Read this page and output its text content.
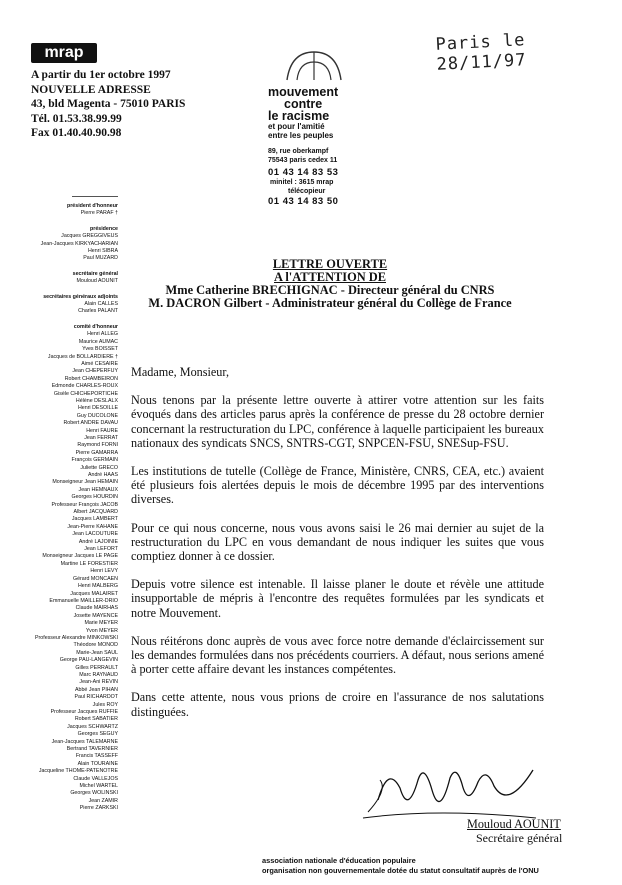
mrap
A partir du 1er octobre 1997
NOUVELLE ADRESSE
43, bld Magenta - 75010 PARIS
Tél. 01.53.38.99.99
Fax 01.40.40.90.98
Paris le 28/11/97
mouvement
contre
le racisme
et pour l'amitié
entre les peuples
89, rue oberkampf
75543 paris cedex 11
01 43 14 83 53
minitel : 3615 mrap
télécopieur
01 43 14 83 50
président d'honneur
Pierre PARAF †
présidence
Jacques GREGGIVEUS
Jean-Jacques KIRKYACHARIAN
Henri SIBRA
Paul MUZARD
secrétaire général
Mouloud AOUNIT
secrétaires généraux adjoints
Alain CALLES
Charles PALANT
comité d'honneur
Henri ALLEG
Maurice AUMAC
Yves BOISSET
Jacques de BOLLARDIERE †
Aimé CESAIRE
Jean CHEPERFUY
Robert CHAMBEIRON
Edmonde CHARLES-ROUX
Gisèle CHICHEPORTICHE
Hélène DESLALX
Henri DESOILLE
Guy DUCOLONE
Robert ANDRE DAVAU
Henri FAURE
Jean FERRAT
Raymond FORNI
Pierre GAMARRA
François GERMAIN
Juliette GRECO
André HAAS
Monseigneur Jean HEMAIN
Jean HEMNAUX
Georges HOURDIN
Professeur François JACOB
Albert JACQUARD
Jacques LAMBERT
Jean-Pierre KAHANE
Jean LACOUTURE
André LAJOINIE
Jean LEFORT
Monseigneur Jacques LE PAGE
Martine LE FORESTIER
Henri LEVY
Gérard MONCAEN
Henri MALBERG
Jacques MALAIRET
Emmanuelle MAILLER-DRIO
Claude MAIRHAS
Josette MAYENCE
Marie MEYER
Yvon MEYER
Professeur Alexandre MINKOWSKI
Théodore MONOD
Marie-Jean SAUL
George PAU-LANGEVIN
Gilles PERRAULT
Marc RAYNAUD
Jean-Ani REVIN
Abbé Jean PIHAN
Paul RICHARDOT
Jules ROY
Professeur Jacques RUFFIE
Robert SABATIER
Jacques SCHWARTZ
Georges SEGUY
Jean-Jacques TALEMARNE
Bertrand TAVERNIER
Francis TASSEFF
Alain TOURAINE
Jacqueline THOME-PATENOTRE
Claude VALLEJOS
Michel WARTEL
Georges WOLINSKI
Jean ZAMIR
Pierre ZARKSKI
LETTRE OUVERTE
A l'ATTENTION DE
Mme Catherine BRECHIGNAC - Directeur général du CNRS
M. DACRON Gilbert - Administrateur général du Collège de France

Madame, Monsieur,

Nous tenons par la présente lettre ouverte à attirer votre attention sur les faits évoqués dans des articles parus après la conférence de presse du 28 octobre dernier concernant la restructuration du LPC, conférence à laquelle participaient les bureaux nationaux des syndicats SNCS, SNTRS-CGT, SNPCEN-FSU, SNESup-FSU.

Les institutions de tutelle (Collège de France, Ministère, CNRS, CEA, etc.) avaient été plusieurs fois alertées depuis le mois de décembre 1995 par des interventions diverses.

Pour ce qui nous concerne, nous vous avons saisi le 26 mai dernier au sujet de la restructuration du LPC en vous demandant de nous indiquer les suites que vous comptiez donner à ce dossier.

Depuis votre silence est intenable. Il laisse planer le doute et révèle une attitude insupportable de mépris à l'encontre des requêtes formulées par les syndicats et notre Mouvement.

Nous réitérons donc auprès de vous avec force notre demande d'éclaircissement sur les demandes formulées dans nos précédents courriers. A défaut, nous serions amené à porter cette affaire devant les instances compétentes.

Dans cette attente, nous vous prions de croire en l'assurance de nos salutations distinguées.

Mouloud AOUNIT
Secrétaire général
association nationale d'éducation populaire
organisation non gouvernementale dotée du statut consultatif auprès de l'ONU
